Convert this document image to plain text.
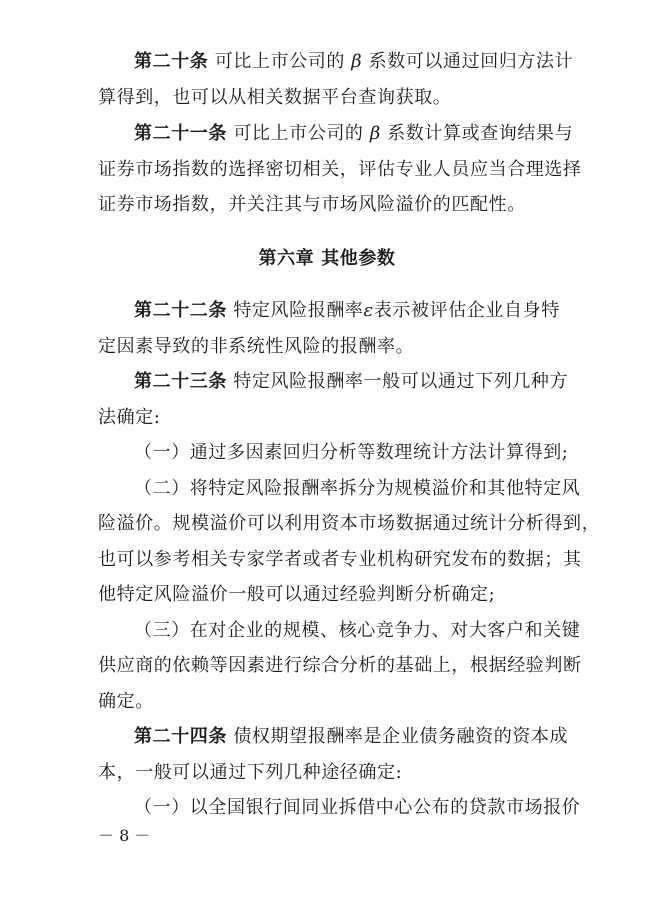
第二十条 可比上市公司的 β 系数可以通过回归方法计
算得到，也可以从相关数据平台查询获取。
第二十一条 可比上市公司的 β 系数计算或查询结果与
证券市场指数的选择密切相关，评估专业人员应当合理选择
证券市场指数，并关注其与市场风险溢价的匹配性。
第六章 其他参数
第二十二条 特定风险报酬率ε表示被评估企业自身特
定因素导致的非系统性风险的报酬率。
第二十三条 特定风险报酬率一般可以通过下列几种方
法确定:
（一）通过多因素回归分析等数理统计方法计算得到;
（二）将特定风险报酬率拆分为规模溢价和其他特定风
险溢价。规模溢价可以利用资本市场数据通过统计分析得到，
也可以参考相关专家学者或者专业机构研究发布的数据；其
他特定风险溢价一般可以通过经验判断分析确定;
（三）在对企业的规模、核心竞争力、对大客户和关键
供应商的依赖等因素进行综合分析的基础上，根据经验判断
确定。
第二十四条 债权期望报酬率是企业债务融资的资本成
本，一般可以通过下列几种途径确定:
（一）以全国银行间同业拆借中心公布的贷款市场报价
－ 8 －
